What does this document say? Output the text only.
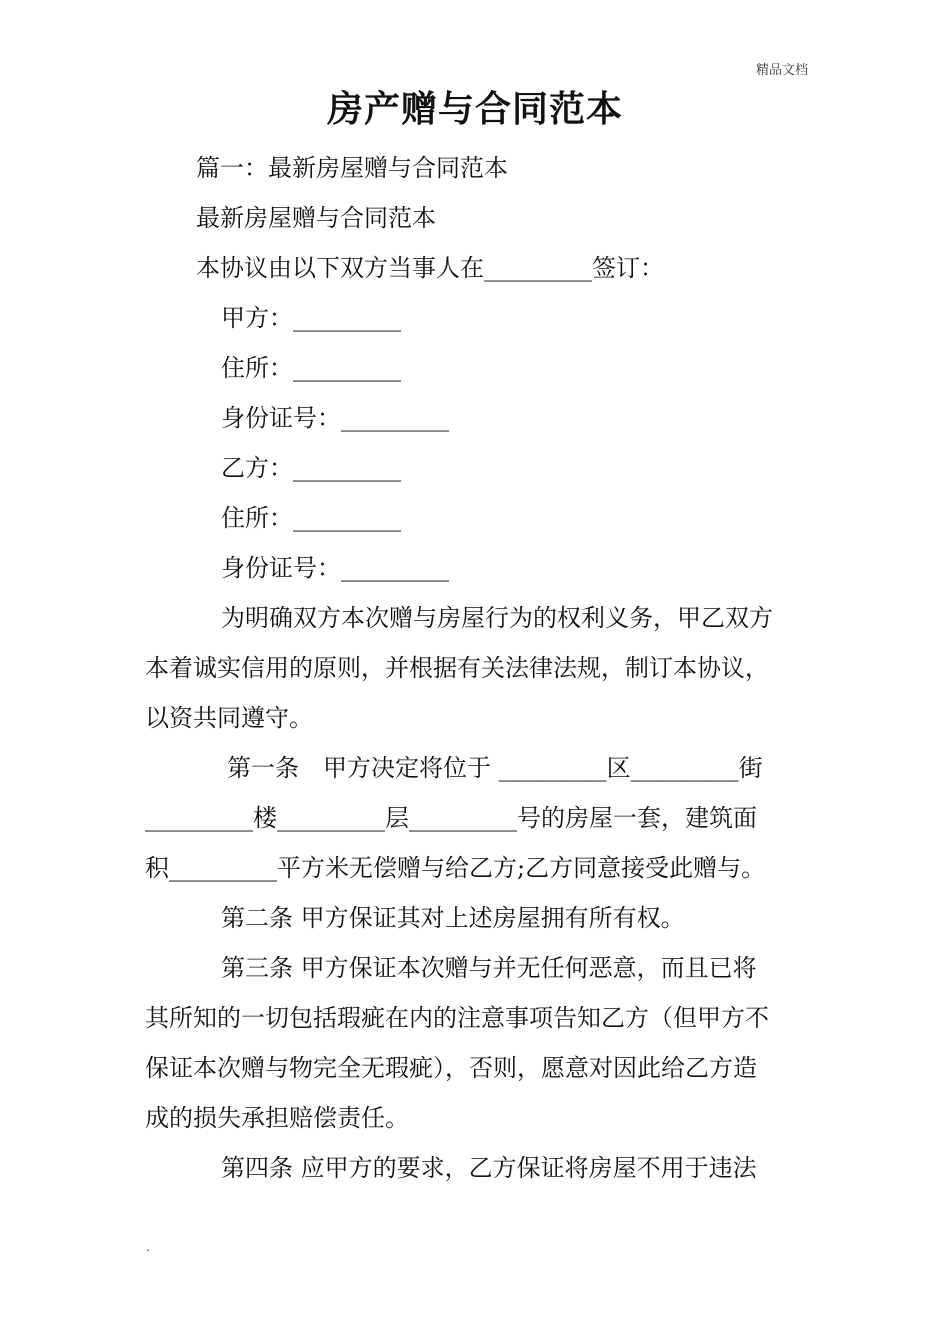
精品文档
房产赠与合同范本
篇一：最新房屋赠与合同范本
最新房屋赠与合同范本
本协议由以下双方当事人在_________签订：
甲方：_________
住所：_________
身份证号：_________
乙方：_________
住所：_________
身份证号：_________
为明确双方本次赠与房屋行为的权利义务，甲乙双方
本着诚实信用的原则，并根据有关法律法规，制订本协议，
以资共同遵守。
第一条　甲方决定将位于 _________区_________街
_________楼_________层_________号的房屋一套，建筑面
积_________平方米无偿赠与给乙方;乙方同意接受此赠与。
第二条 甲方保证其对上述房屋拥有所有权。
第三条 甲方保证本次赠与并无任何恶意，而且已将
其所知的一切包括瑕疵在内的注意事项告知乙方（但甲方不
保证本次赠与物完全无瑕疵），否则，愿意对因此给乙方造
成的损失承担赔偿责任。
第四条 应甲方的要求，乙方保证将房屋不用于违法
.
